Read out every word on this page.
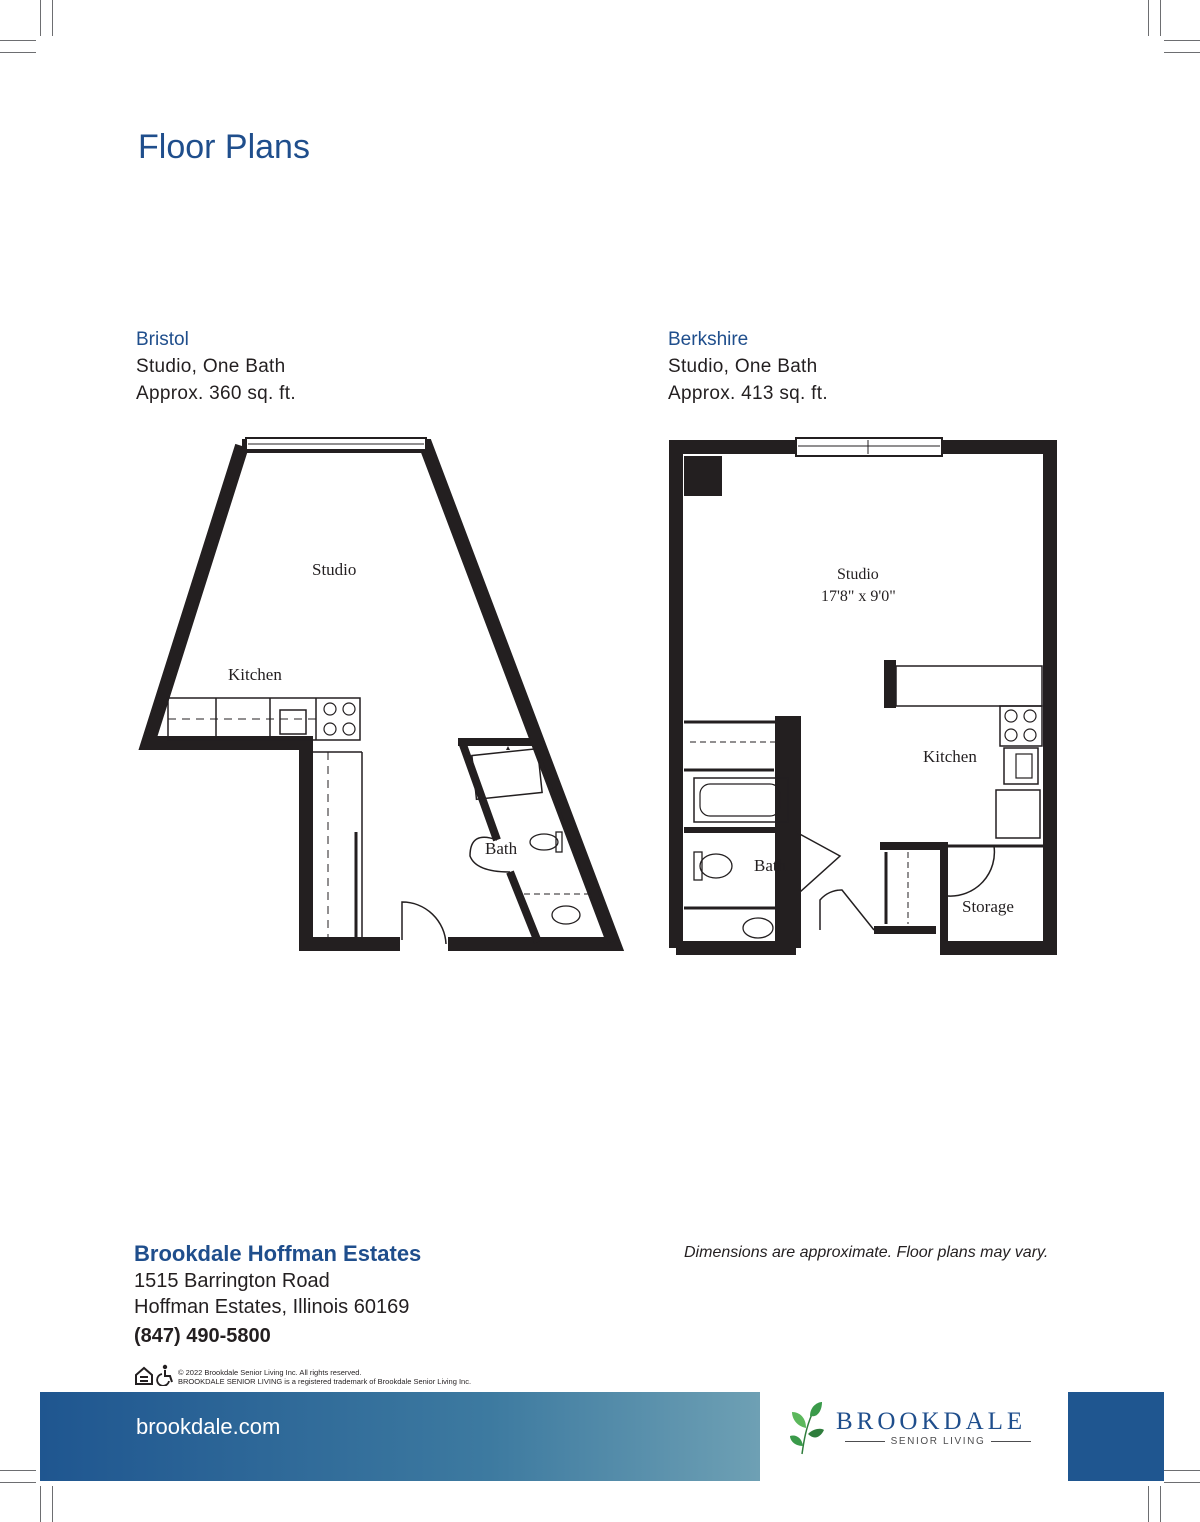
Floor Plans
Bristol
Studio, One Bath
Approx. 360 sq. ft.
Berkshire
Studio, One Bath
Approx. 413 sq. ft.
Studio
Kitchen
Bath
Studio
17'8" x 9'0"
Kitchen
Bath
Storage
Brookdale Hoffman Estates
1515 Barrington Road
Hoffman Estates, Illinois 60169
(847) 490-5800
Dimensions are approximate. Floor plans may vary.
© 2022 Brookdale Senior Living Inc. All rights reserved.
BROOKDALE SENIOR LIVING is a registered trademark of Brookdale Senior Living Inc.
brookdale.com	BROOKDALE
SENIOR LIVING
